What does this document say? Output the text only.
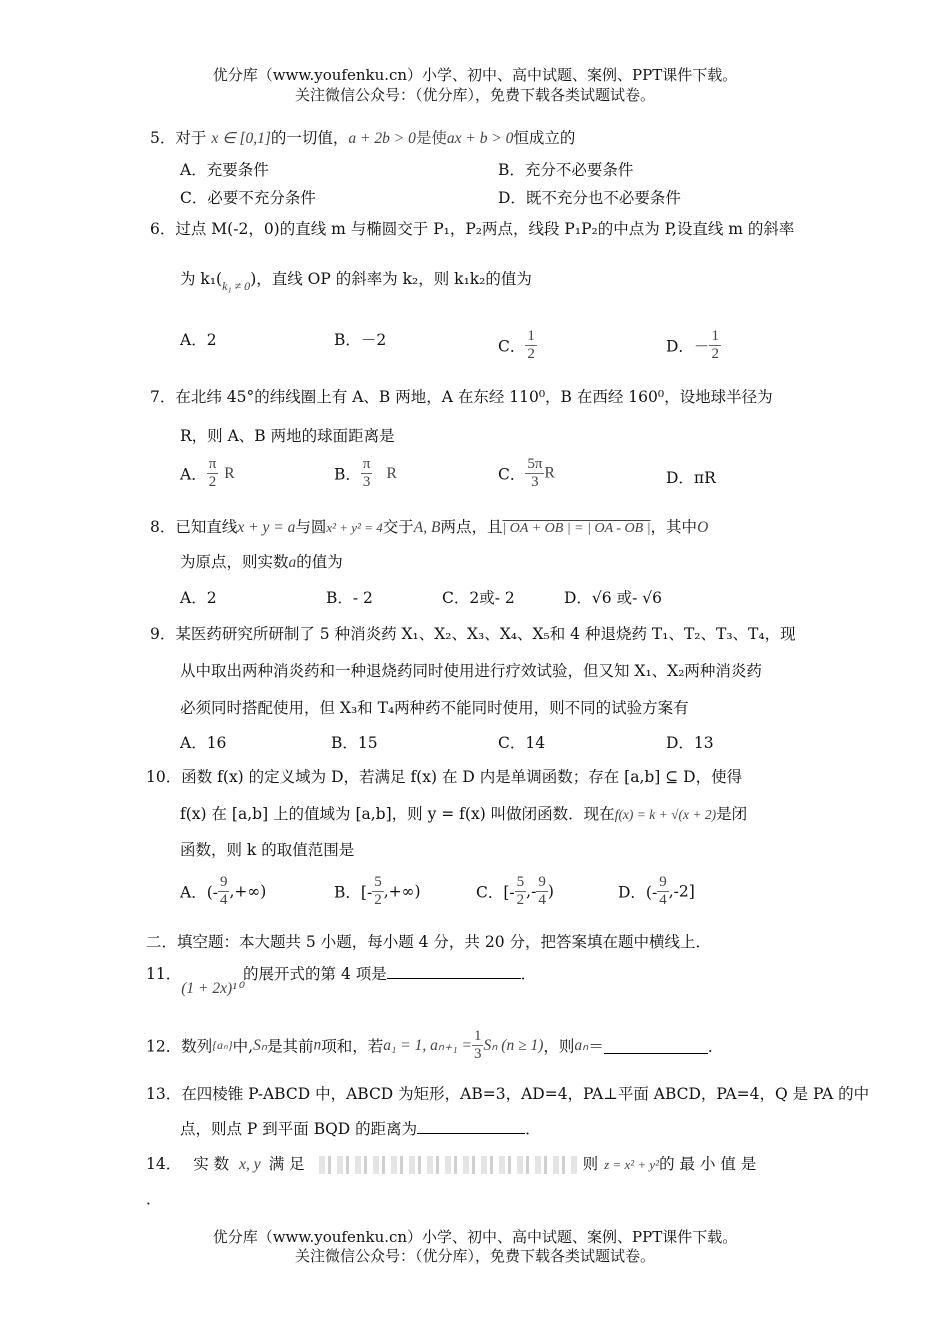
优分库（www.youfenku.cn）小学、初中、高中试题、案例、PPT课件下载。
关注微信公众号：（优分库），免费下载各类试题试卷。
5．对于 x ∈ [0,1]的一切值，a + 2b > 0是使ax + b > 0恒成立的
A．充要条件	B．充分不必要条件
C．必要不充分条件	D．既不充分也不必要条件
6．过点 M(-2，0)的直线 m 与椭圆交于 P₁，P₂两点，线段 P₁P₂的中点为 P,设直线 m 的斜率
为 $k_1(_{k_1 \ne 0})$，直线 OP 的斜率为 k₂，则 k₁k₂的值为
A．2	B．－2	C． $\frac{1}{2}$	D．－ $\frac{1}{2}$
7．在北纬 45°的纬线圈上有 A、B 两地，A 在东经 110⁰，B 在西经 160⁰，设地球半径为
R，则 A、B 两地的球面距离是
A． $\frac{\pi}{2}$ R	B． $\frac{\pi}{3}$ R	C． $\frac{5\pi}{3}$ R	D．πR
8．已知直线x + y = a与圆x² + y² = 4交于A, B两点，且| OA + OB | = | OA - OB |，其中O
为原点，则实数a的值为
A．2	B．- 2	C．2或- 2	D．√6 或- √6
9．某医药研究所研制了 5 种消炎药 X₁、X₂、X₃、X₄、X₅和 4 种退烧药 T₁、T₂、T₃、T₄，现
从中取出两种消炎药和一种退烧药同时使用进行疗效试验，但又知 X₁、X₂两种消炎药
必须同时搭配使用，但 X₃和 T₄两种药不能同时使用，则不同的试验方案有
A．16	B．15	C．14	D．13
10．函数 f(x) 的定义域为 D，若满足 f(x) 在 D 内是单调函数；存在 [a,b] ⊆ D，使得
f(x) 在 [a,b] 上的值域为 [a,b]，则 y = f(x) 叫做闭函数．现在f(x) = k + √(x + 2)是闭
函数，则 k 的取值范围是
A．(- $\frac{9}{4}$ ,+∞)	B．[- $\frac{5}{2}$ ,+∞)	C．[- $\frac{5}{2}$ ,- $\frac{9}{4}$ )	D．(- $\frac{9}{4} ,-2$]
二．填空题：本大题共 5 小题，每小题 4 分，共 20 分，把答案填在题中横线上．
11．(1 + 2x)¹⁰的展开式的第 4 项是	．
12．数列{aₙ}中,Sₙ是其前n项和，若a₁ = 1, $a_{n+1} = \frac{1}{3}$ Sₙ (n ≥ 1)，则aₙ＝	．
13．在四棱锥 P-ABCD 中，ABCD 为矩形，AB=3，AD=4，PA⊥平面 ABCD，PA=4，Q 是 PA 的中
点，则点 P 到平面 BQD 的距离为	．
14． 实 数 x, y 满 足	则 z = x² + y²的 最 小 值 是
．
优分库（www.youfenku.cn）小学、初中、高中试题、案例、PPT课件下载。
关注微信公众号：（优分库），免费下载各类试题试卷。
